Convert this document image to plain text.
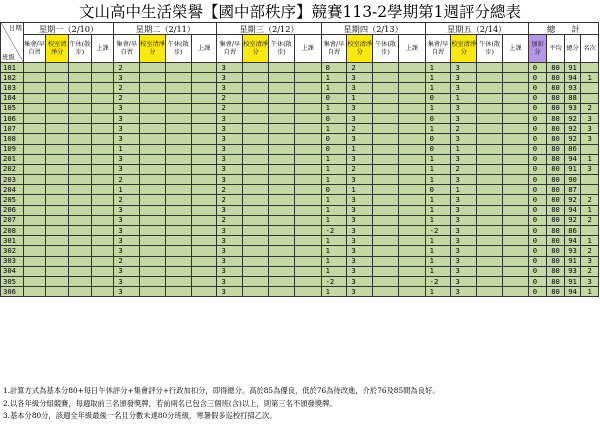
文山高中生活榮譽【國中部秩序】競賽113-2學期第1週評分總表
日期
班級	星期一（2/10）				星期二（2/11）				星期三（2/12）				星期四（2/13）				星期五（2/14）				總　　計			
	集會/早自習	校室清淨分	午休(散步)	上課	集會/早自習	校室清淨分	午休(散步)	上課	集會/早自習	校室清淨分	午休(散步)	上課	集會/早自習	校室清淨分	午休(散步)	上課	集會/早自習	校室清淨分	午休(散步)	上課	加扣分	平均	總分	名次
101					2				3				0	2			1	3			0	80	91	
102					3				3				1	3			1	3			0	80	94	1
103					2				3				1	3			1	3			0	80	93	
104					2				2				0	1			0	1			0	80	88	
105					3				2				1	3			1	3			0	80	93	2
106					3				3				0	3			0	3			0	80	92	3
107					3				3				1	2			1	2			0	80	92	3
108					3				3				0	3			0	3			0	80	92	3
109					1				3				0	1			0	1			0	80	86	
201					3				3				1	3			1	3			0	80	94	1
202					3				3				1	2			1	2			0	80	91	3
203					2				3				1	3			1	3			0	80	90	
204					1				2				0	1			0	1			0	80	87	
205					2				2				1	3			1	3			0	80	92	2
206					3				3				1	3			1	3			0	80	94	1
207					3				2				1	3			1	3			0	80	92	2
208					3				3				-2	3			-2	3			0	80	86	
301					3				3				1	3			1	3			0	80	94	1
302					3				3				1	3			1	3			0	80	93	2
303					2				3				1	3			1	3			0	80	91	3
304					3				3				1	3			1	3			0	80	93	2
305					3				3				-2	3			-2	3			0	80	91	3
306					3				3				1	3			1	3			0	80	94	1
1.計算方式為基本分80+每日午休評分+集會評分+行政加扣分，即得總分。高於85為優良，低於76為待改進，介於76及85間為良好。
2.以各年級分組競賽，每週取前三名頒發獎牌，若前兩名已包含三個班(含)以上，則第三名不頒發獎牌。
3.基本分80分，該週全年級最後一名且分數未達80分班級，寒暑假多巡校打掃乙次。
